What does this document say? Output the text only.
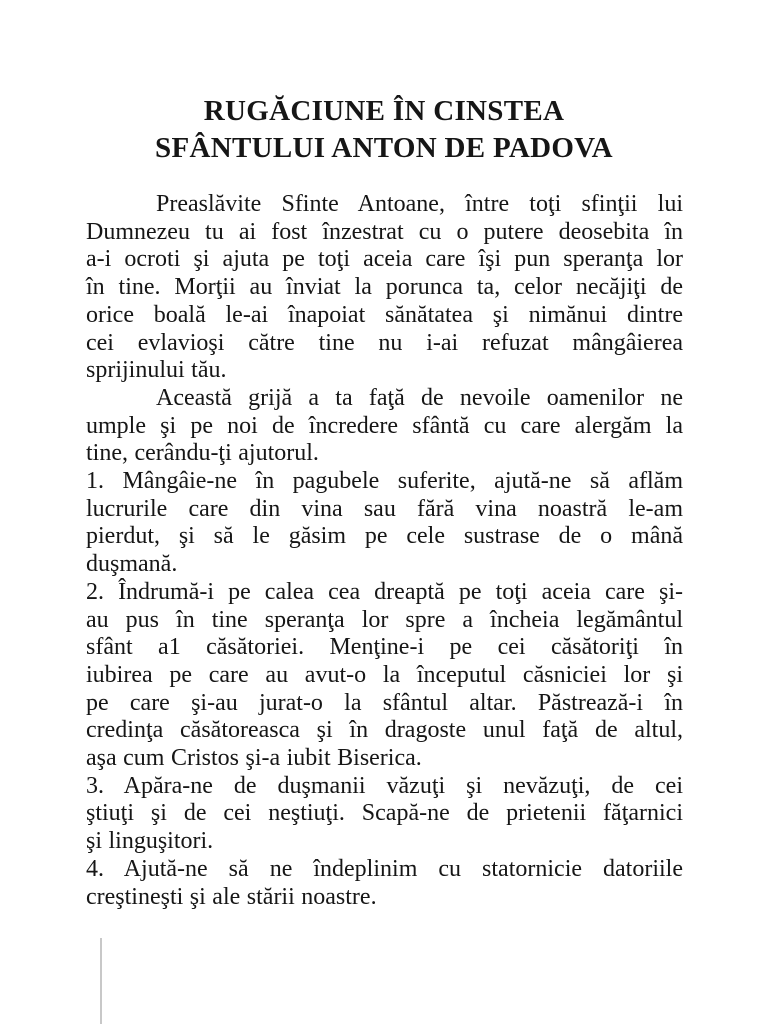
RUGĂCIUNE ÎN CINSTEA
SFÂNTULUI ANTON DE PADOVA
Preaslăvite Sfinte Antoane, între toţi sfinţii lui
Dumnezeu tu ai fost înzestrat cu o putere deosebita în
a-i ocroti şi ajuta pe toţi aceia care îşi pun speranţa lor
în tine. Morţii au înviat la porunca ta, celor necăjiţi de
orice boală le-ai înapoiat sănătatea şi nimănui dintre
cei evlavioşi către tine nu i-ai refuzat mângâierea
sprijinului tău.
Această grijă a ta faţă de nevoile oamenilor ne
umple şi pe noi de încredere sfântă cu care alergăm la
tine, cerându-ţi ajutorul.
1. Mângâie-ne în pagubele suferite, ajută-ne să aflăm
lucrurile care din vina sau fără vina noastră le-am
pierdut, şi să le găsim pe cele sustrase de o mână
duşmană.
2. Îndrumă-i pe calea cea dreaptă pe toţi aceia care şi-
au pus în tine speranţa lor spre a încheia legământul
sfânt a1 căsătoriei. Menţine-i pe cei căsătoriţi în
iubirea pe care au avut-o la începutul căsniciei lor şi
pe care şi-au jurat-o la sfântul altar. Păstrează-i în
credinţa căsătoreasca şi în dragoste unul faţă de altul,
aşa cum Cristos şi-a iubit Biserica.
3. Apăra-ne de duşmanii văzuţi şi nevăzuţi, de cei
ştiuţi şi de cei neştiuţi. Scapă-ne de prietenii făţarnici
şi linguşitori.
4. Ajută-ne să ne îndeplinim cu statornicie datoriile
creştineşti şi ale stării noastre.
